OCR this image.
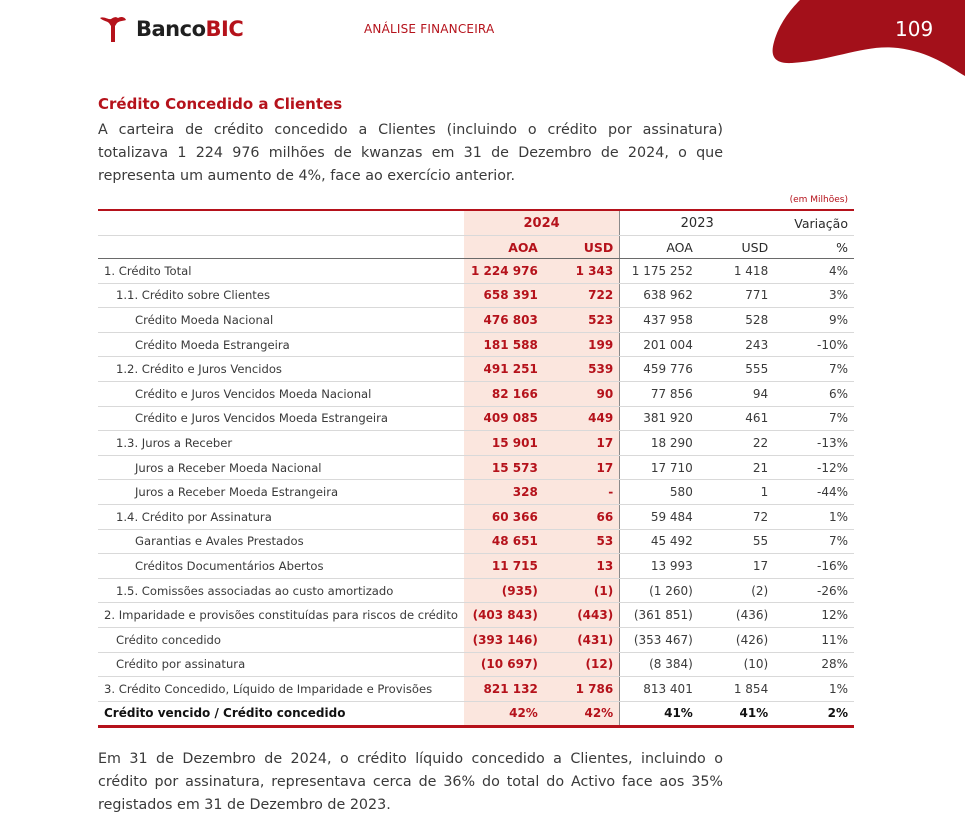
BancoBIC	ANÁLISE FINANCEIRA	109
Crédito Concedido a Clientes
A carteira de crédito concedido a Clientes (incluindo o crédito por assinatura) totalizava 1 224 976 milhões de kwanzas em 31 de Dezembro de 2024, o que representa um aumento de 4%, face ao exercício anterior.
(em Milhões)
	2024		2023		Variação
	AOA	USD	AOA	USD	%
1. Crédito Total	1 224 976	1 343	1 175 252	1 418	4%
1.1. Crédito sobre Clientes	658 391	722	638 962	771	3%
Crédito Moeda Nacional	476 803	523	437 958	528	9%
Crédito Moeda Estrangeira	181 588	199	201 004	243	-10%
1.2. Crédito e Juros Vencidos	491 251	539	459 776	555	7%
Crédito e Juros Vencidos Moeda Nacional	82 166	90	77 856	94	6%
Crédito e Juros Vencidos Moeda Estrangeira	409 085	449	381 920	461	7%
1.3. Juros a Receber	15 901	17	18 290	22	-13%
Juros a Receber Moeda Nacional	15 573	17	17 710	21	-12%
Juros a Receber Moeda Estrangeira	328	-	580	1	-44%
1.4. Crédito por Assinatura	60 366	66	59 484	72	1%
Garantias e Avales Prestados	48 651	53	45 492	55	7%
Créditos Documentários Abertos	11 715	13	13 993	17	-16%
1.5. Comissões associadas ao custo amortizado	(935)	(1)	(1 260)	(2)	-26%
2. Imparidade e provisões constituídas para riscos de crédito	(403 843)	(443)	(361 851)	(436)	12%
Crédito concedido	(393 146)	(431)	(353 467)	(426)	11%
Crédito por assinatura	(10 697)	(12)	(8 384)	(10)	28%
3. Crédito Concedido, Líquido de Imparidade e Provisões	821 132	1 786	813 401	1 854	1%
Crédito vencido / Crédito concedido	42%	42%	41%	41%	2%
Em 31 de Dezembro de 2024, o crédito líquido concedido a Clientes, incluindo o crédito por assinatura, representava cerca de 36% do total do Activo face aos 35% registados em 31 de Dezembro de 2023.
